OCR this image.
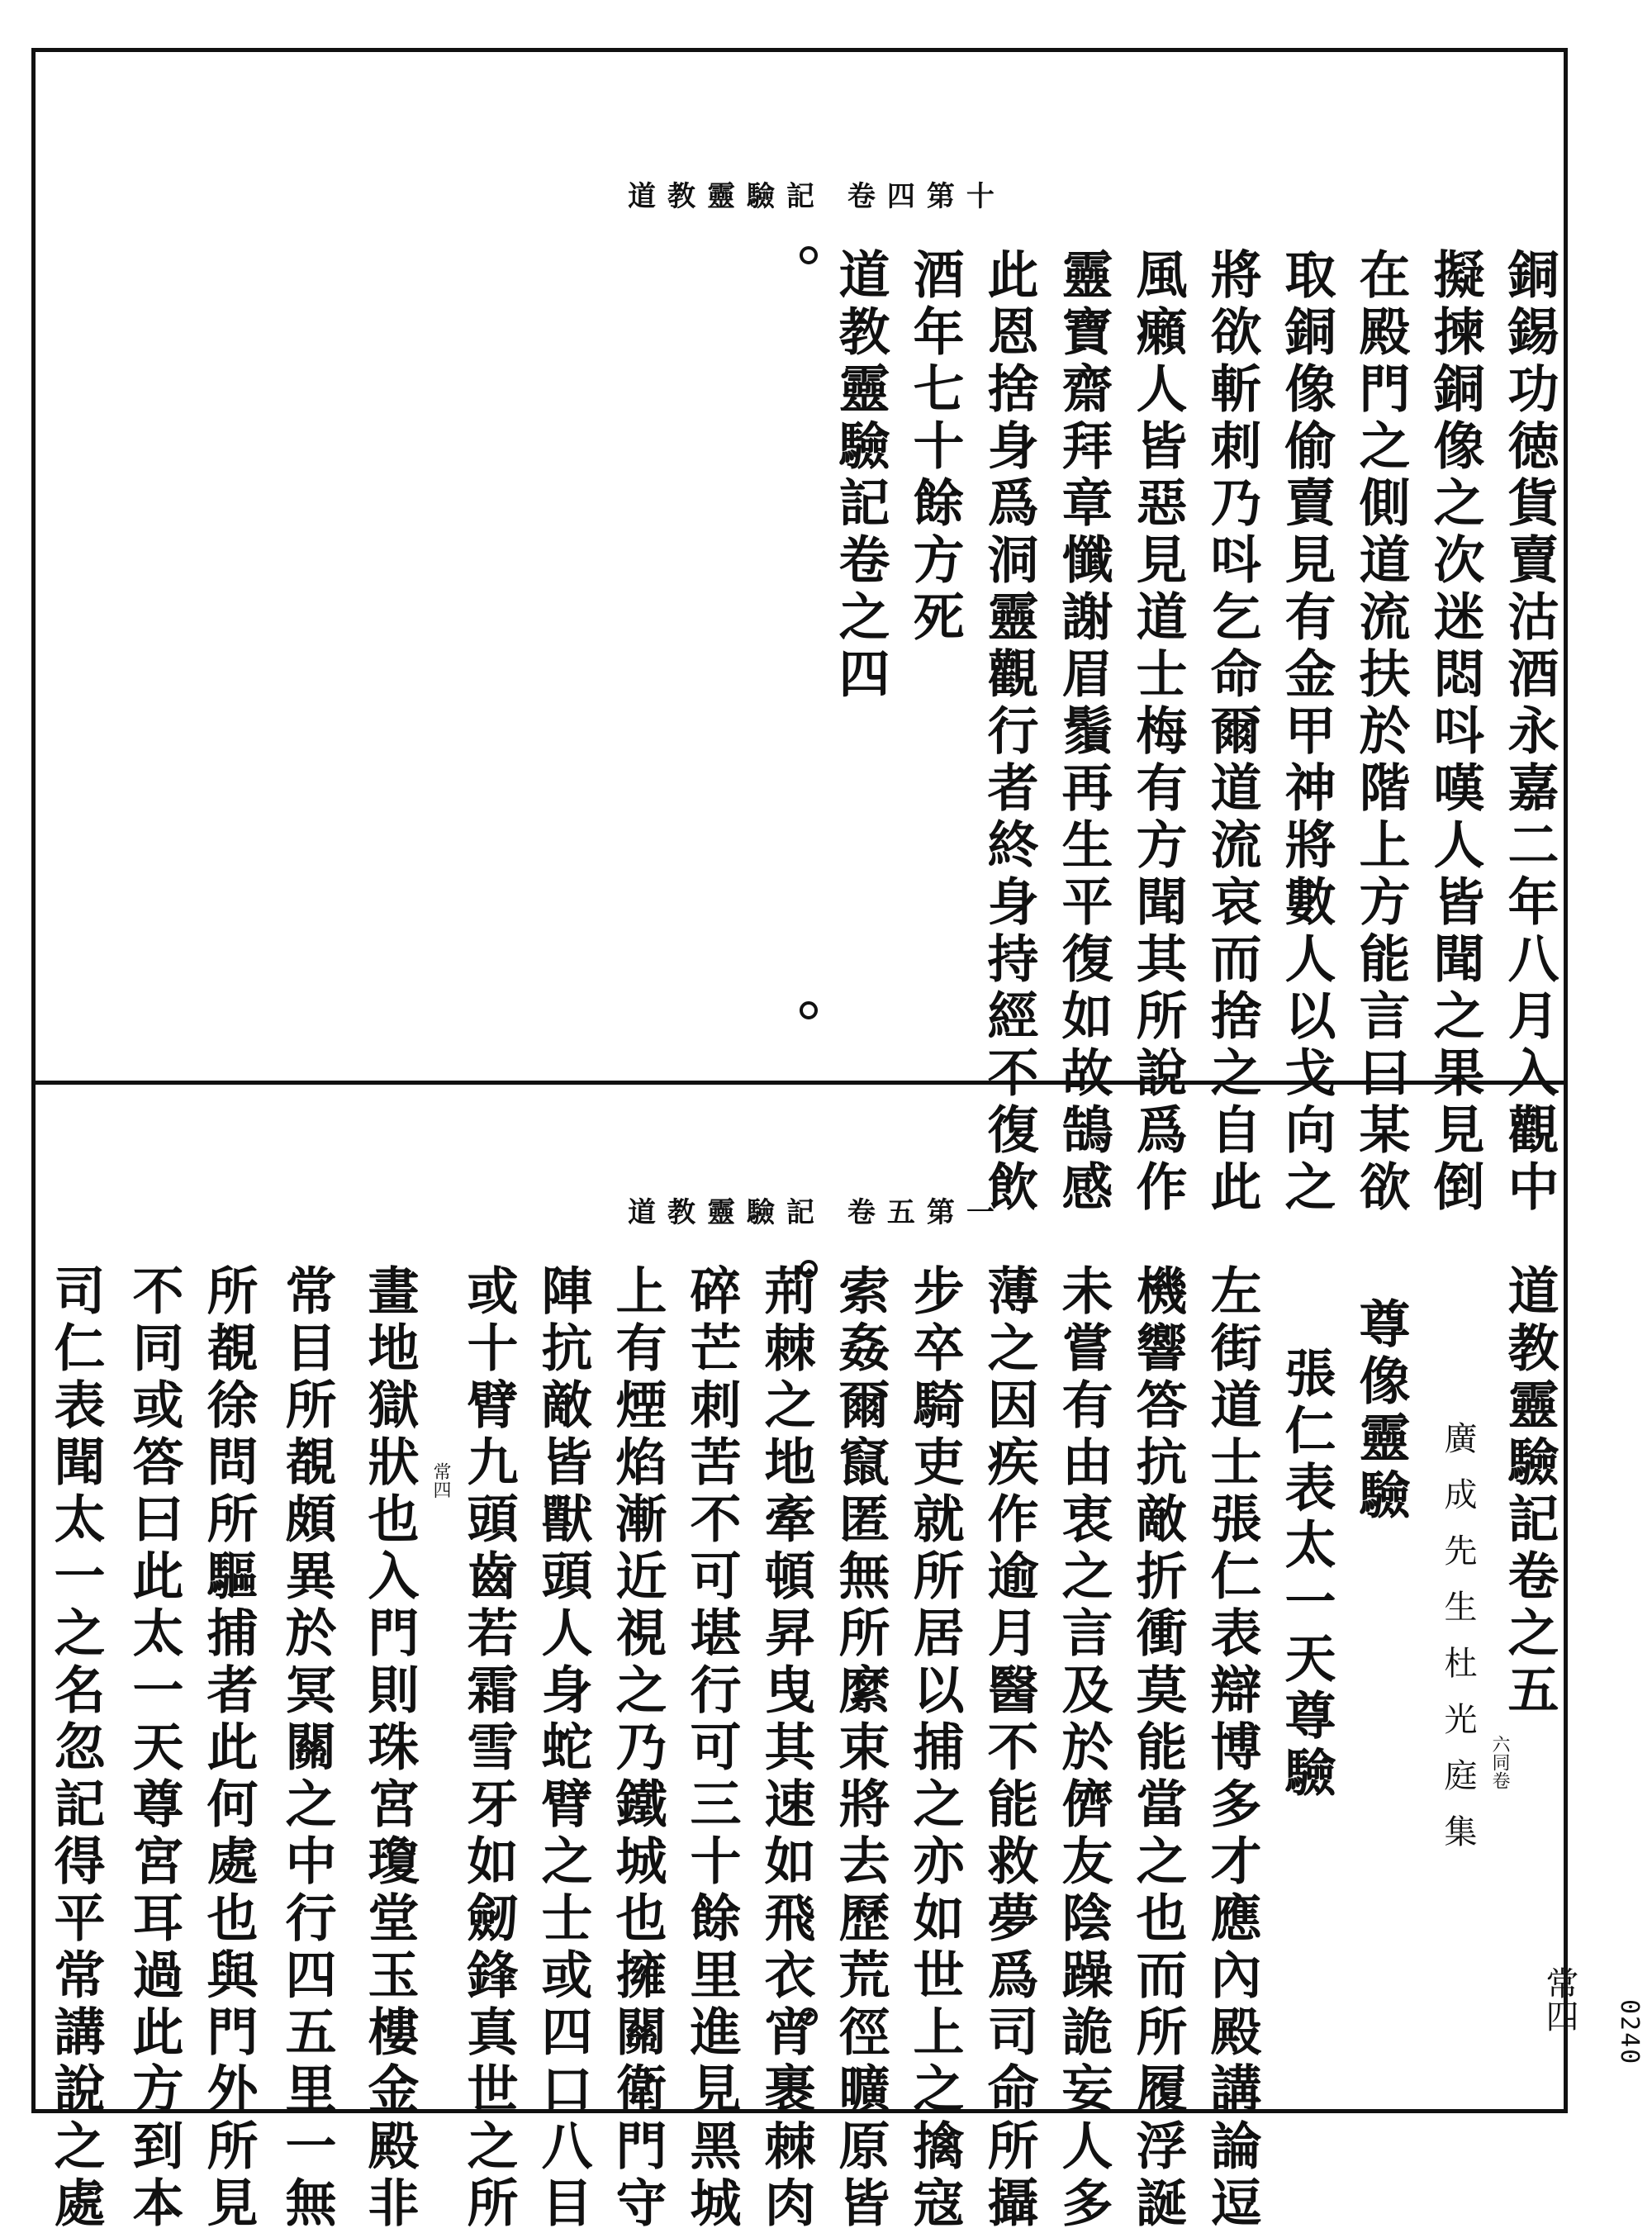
道教靈驗記 卷四第十
銅錫功徳貨賣沽酒永嘉二年八月入觀中
擬揀銅像之次迷悶呌嘆人皆聞之果見倒
在殿門之側道流扶於階上方能言曰某欲
取銅像偷賣見有金甲神將數人以戈向之
將欲斬刺乃呌乞命爾道流哀而捨之自此
風癩人皆惡見道士梅有方聞其所說爲作
靈寶齋拜章懺謝眉鬚再生平復如故鵠感
此恩捨身爲洞靈觀行者終身持經不復飲
酒年七十餘方死
道教靈驗記卷之四
道教靈驗記 卷五第一
道教靈驗記卷之五
六同卷
廣成先生杜光庭集
常四
尊像靈驗
張仁表太一天尊驗
左街道士張仁表辯博多才應內殿講論逗
機響答抗敵折衝莫能當之也而所履浮誕
未嘗有由衷之言及於儕友陰躁詭妄人多
薄之因疾作逾月醫不能救夢爲司命所攝
步卒騎吏就所居以捕之亦如世上之擒寇
索姦爾竄匿無所縻束將去歷荒徑曠原皆
荊棘之地牽頓昇曳其速如飛衣宵裹棘肉
碎芒刺苦不可堪行可三十餘里進見黑城
上有煙焰漸近視之乃鐵城也擁關衛門守
陣抗敵皆獸頭人身蛇臂之士或四口八目
或十臂九頭齒若霜雪牙如劒鋒真世之所
常四
畫地獄狀也入門則珠宮瓊堂玉樓金殿非
常目所覩頗異於冥關之中行四五里一無
所覩徐問所驅捕者此何處也與門外所見
不同或答曰此太一天尊宮耳過此方到本
司仁表聞太一之名忽記得平常講說之處	0240
